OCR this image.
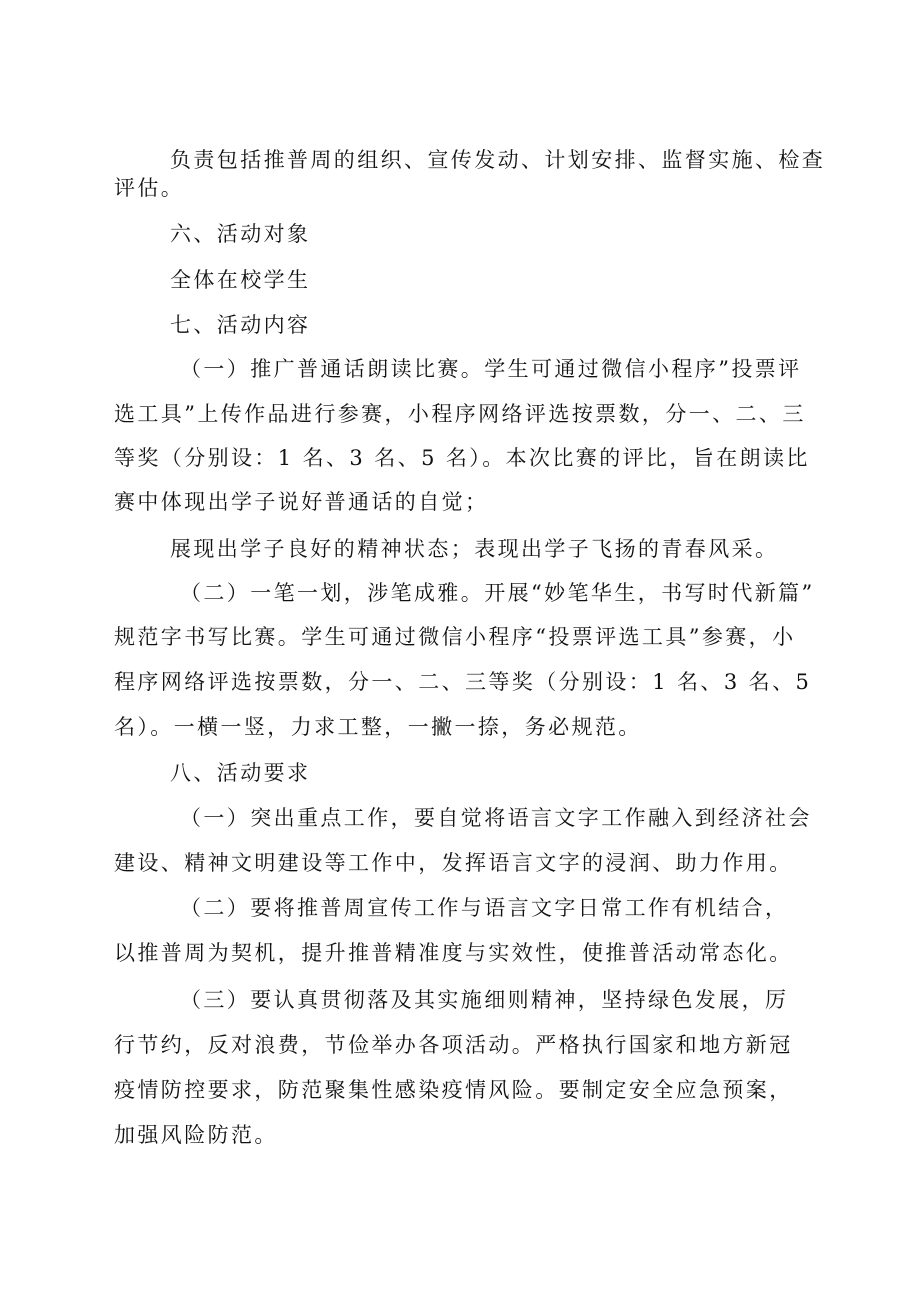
负责包括推普周的组织、宣传发动、计划安排、监督实施、检查
评估。
六、活动对象
全体在校学生
七、活动内容
（一）推广普通话朗读比赛。学生可通过微信小程序”投票评
选工具”上传作品进行参赛，小程序网络评选按票数，分一、二、三
等奖（分别设：1 名、3 名、5 名）。本次比赛的评比，旨在朗读比
赛中体现出学子说好普通话的自觉；
展现出学子良好的精神状态；表现出学子飞扬的青春风采。
（二）一笔一划，涉笔成雅。开展“妙笔华生，书写时代新篇”
规范字书写比赛。学生可通过微信小程序“投票评选工具”参赛，小
程序网络评选按票数，分一、二、三等奖（分别设：1 名、3 名、5
名）。一横一竖，力求工整，一撇一捺，务必规范。
八、活动要求
（一）突出重点工作，要自觉将语言文字工作融入到经济社会
建设、精神文明建设等工作中，发挥语言文字的浸润、助力作用。
（二）要将推普周宣传工作与语言文字日常工作有机结合，
以推普周为契机，提升推普精准度与实效性，使推普活动常态化。
（三）要认真贯彻落及其实施细则精神，坚持绿色发展，厉
行节约，反对浪费，节俭举办各项活动。严格执行国家和地方新冠
疫情防控要求，防范聚集性感染疫情风险。要制定安全应急预案，
加强风险防范。
